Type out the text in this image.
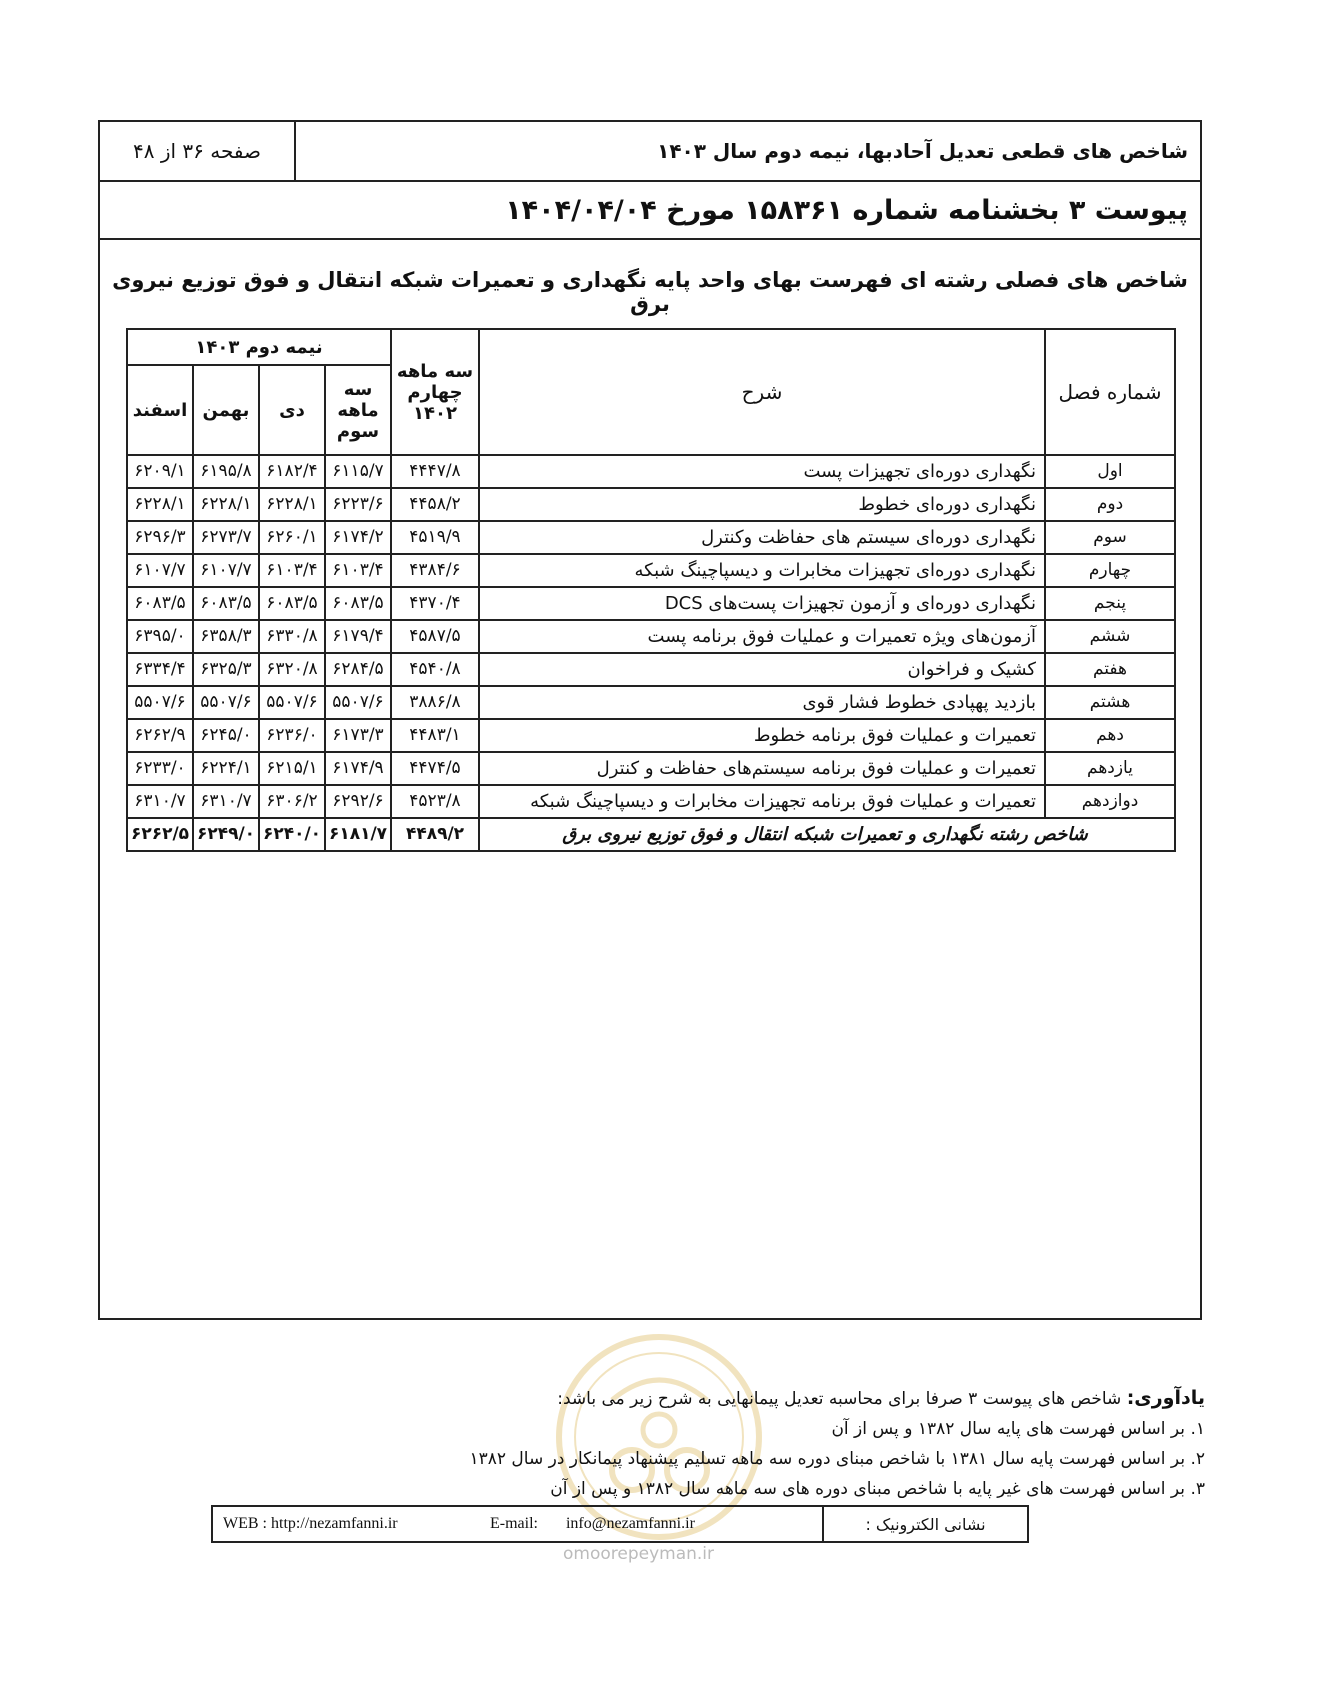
صفحه ۳۶ از ۴۸	شاخص های قطعی تعدیل آحادبها، نیمه دوم سال ۱۴۰۳
پیوست ۳ بخشنامه شماره ۱۵۸۳۶۱ مورخ ۱۴۰۴/۰۴/۰۴
شاخص های فصلی رشته ای فهرست بهای واحد پایه نگهداری و تعمیرات شبکه انتقال و فوق توزیع نیروی برق
شماره فصل	شرح	سه ماهه چهارم ۱۴۰۲	نیمه دوم ۱۴۰۳			
			سه ماهه سوم	دی	بهمن	اسفند
اول	نگهداری دوره‌ای تجهیزات پست	۴۴۴۷/۸	۶۱۱۵/۷	۶۱۸۲/۴	۶۱۹۵/۸	۶۲۰۹/۱
دوم	نگهداری دوره‌ای خطوط	۴۴۵۸/۲	۶۲۲۳/۶	۶۲۲۸/۱	۶۲۲۸/۱	۶۲۲۸/۱
سوم	نگهداری دوره‌ای سیستم های حفاظت وکنترل	۴۵۱۹/۹	۶۱۷۴/۲	۶۲۶۰/۱	۶۲۷۳/۷	۶۲۹۶/۳
چهارم	نگهداری دوره‌ای تجهیزات مخابرات و دیسپاچینگ شبکه	۴۳۸۴/۶	۶۱۰۳/۴	۶۱۰۳/۴	۶۱۰۷/۷	۶۱۰۷/۷
پنجم	نگهداری دوره‌ای و آزمون تجهیزات پست‌های DCS	۴۳۷۰/۴	۶۰۸۳/۵	۶۰۸۳/۵	۶۰۸۳/۵	۶۰۸۳/۵
ششم	آزمون‌های ویژه تعمیرات و عملیات فوق برنامه پست	۴۵۸۷/۵	۶۱۷۹/۴	۶۳۳۰/۸	۶۳۵۸/۳	۶۳۹۵/۰
هفتم	کشیک و فراخوان	۴۵۴۰/۸	۶۲۸۴/۵	۶۳۲۰/۸	۶۳۲۵/۳	۶۳۳۴/۴
هشتم	بازدید پهپادی خطوط فشار قوی	۳۸۸۶/۸	۵۵۰۷/۶	۵۵۰۷/۶	۵۵۰۷/۶	۵۵۰۷/۶
دهم	تعمیرات و عملیات فوق برنامه خطوط	۴۴۸۳/۱	۶۱۷۳/۳	۶۲۳۶/۰	۶۲۴۵/۰	۶۲۶۲/۹
یازدهم	تعمیرات و عملیات فوق برنامه سیستم‌های حفاظت و کنترل	۴۴۷۴/۵	۶۱۷۴/۹	۶۲۱۵/۱	۶۲۲۴/۱	۶۲۳۳/۰
دوازدهم	تعمیرات و عملیات فوق برنامه تجهیزات مخابرات و دیسپاچینگ شبکه	۴۵۲۳/۸	۶۲۹۲/۶	۶۳۰۶/۲	۶۳۱۰/۷	۶۳۱۰/۷
شاخص رشته نگهداری و تعمیرات شبکه انتقال و فوق توزیع نیروی برق		۴۴۸۹/۲	۶۱۸۱/۷	۶۲۴۰/۰	۶۲۴۹/۰	۶۲۶۲/۵
omoorepeyman.ir
یادآوری: شاخص های پیوست ۳ صرفا برای محاسبه تعدیل پیمانهایی به شرح زیر می باشد:
۱. بر اساس فهرست های پایه سال ۱۳۸۲ و پس از آن
۲. بر اساس فهرست پایه سال ۱۳۸۱ با شاخص مبنای دوره سه ماهه تسلیم پیشنهاد پیمانکار در سال ۱۳۸۲
۳. بر اساس فهرست های غیر پایه با شاخص مبنای دوره های سه ماهه سال ۱۳۸۲ و پس از آن
نشانی الکترونیک :
WEB : http://nezamfanni.ir	E-mail: info@nezamfanni.ir
